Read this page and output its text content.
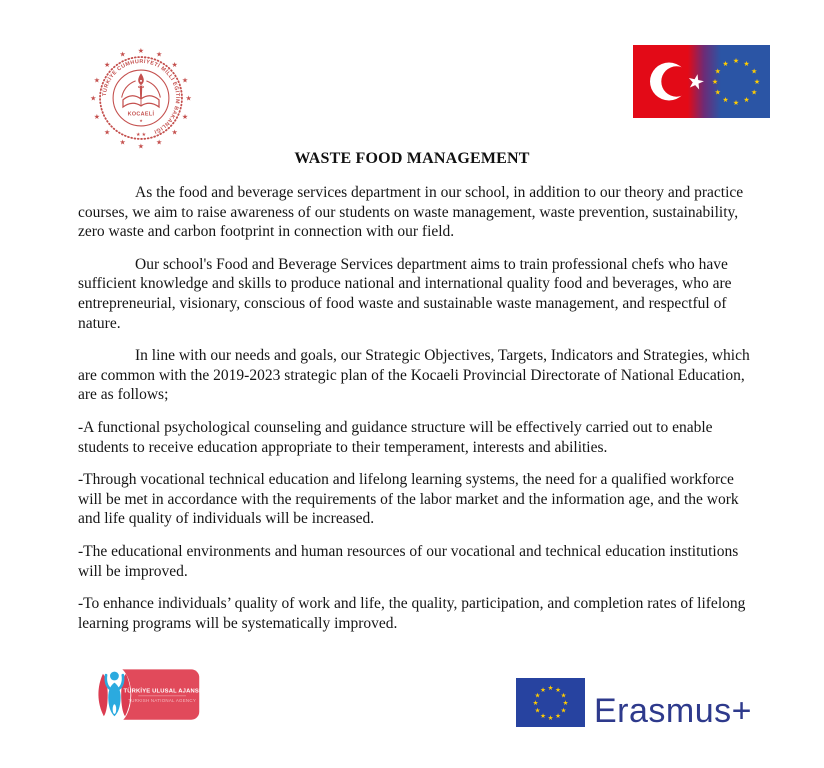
★ ★
★
★
★
★
★
★
★
★
★
★
★
★
★
★
TÜRKİYE CUMHURİYETİ MİLLİ EĞİTİM BAKANLIĞI
★ ★
KOCAELİ
★
★
★ ★
★
★
★
★
★
★
★
★
★
★
WASTE FOOD MANAGEMENT

As the food and beverage services department in our school, in addition to our theory and practice courses, we aim to raise awareness of our students on waste management, waste prevention, sustainability, zero waste and carbon footprint in connection with our field.

Our school's Food and Beverage Services department aims to train professional chefs who have sufficient knowledge and skills to produce national and international quality food and beverages, who are entrepreneurial, visionary, conscious of food waste and sustainable waste management, and respectful of nature.

In line with our needs and goals, our Strategic Objectives, Targets, Indicators and Strategies, which are common with the 2019-2023 strategic plan of the Kocaeli Provincial Directorate of National Education, are as follows;

-A functional psychological counseling and guidance structure will be effectively carried out to enable students to receive education appropriate to their temperament, interests and abilities.

-Through vocational technical education and lifelong learning systems, the need for a qualified workforce will be met in accordance with the requirements of the labor market and the information age, and the work and life quality of individuals will be increased.

-The educational environments and human resources of our vocational and technical education institutions will be improved.

-To enhance individuals’ quality of work and life, the quality, participation, and completion rates of lifelong learning programs will be systematically improved.

TÜRKİYE ULUSAL AJANSI
TURKISH NATIONAL AGENCY
★ ★
★
★
★
★
★
★
★
★
★
★
Erasmus+
